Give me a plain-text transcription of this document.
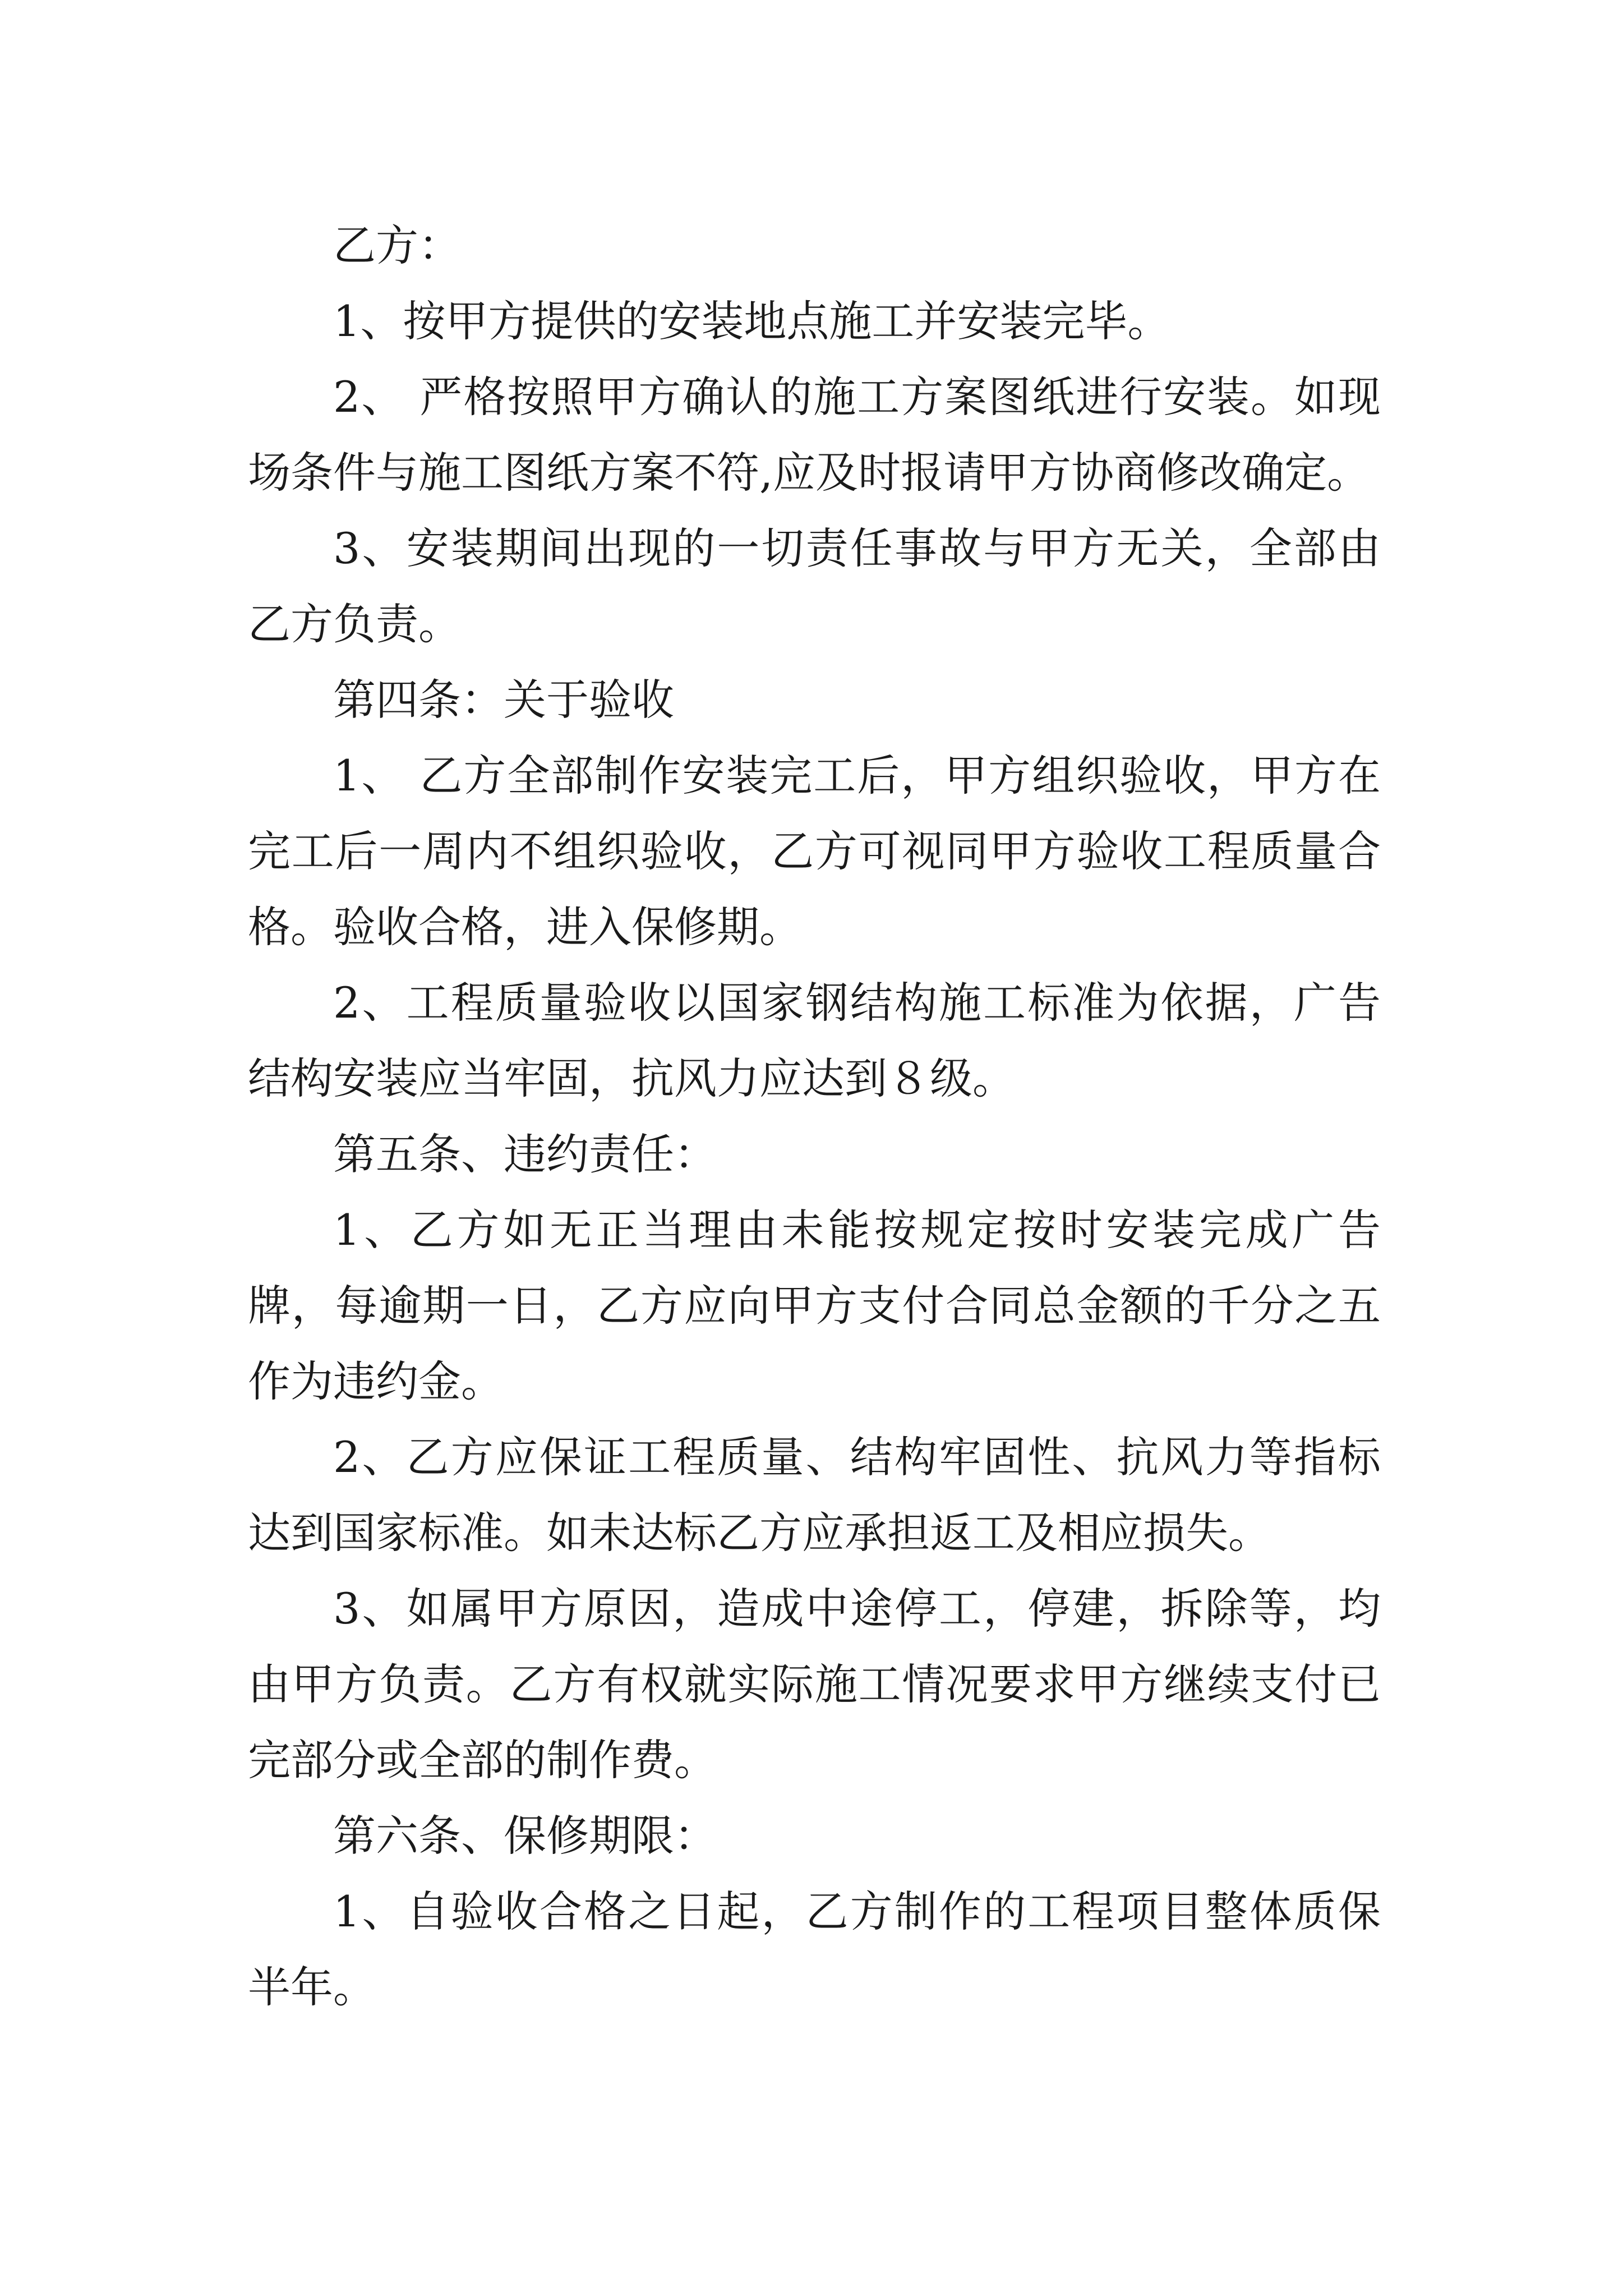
乙方：

1、按甲方提供的安装地点施工并安装完毕。

2、 严格按照甲方确认的施工方案图纸进行安装。如现场条件与施工图纸方案不符,应及时报请甲方协商修改确定。

3、安装期间出现的一切责任事故与甲方无关，全部由乙方负责。

第四条：关于验收

1、 乙方全部制作安装完工后，甲方组织验收，甲方在完工后一周内不组织验收，乙方可视同甲方验收工程质量合格。验收合格，进入保修期。

2、工程质量验收以国家钢结构施工标准为依据，广告结构安装应当牢固，抗风力应达到８级。

第五条、违约责任：

1、乙方如无正当理由未能按规定按时安装完成广告牌，每逾期一日，乙方应向甲方支付合同总金额的千分之五作为违约金。

2、乙方应保证工程质量、结构牢固性、抗风力等指标达到国家标准。如未达标乙方应承担返工及相应损失。

3、如属甲方原因，造成中途停工，停建，拆除等，均由甲方负责。乙方有权就实际施工情况要求甲方继续支付已完部分或全部的制作费。

第六条、保修期限：

1、自验收合格之日起，乙方制作的工程项目整体质保半年。
